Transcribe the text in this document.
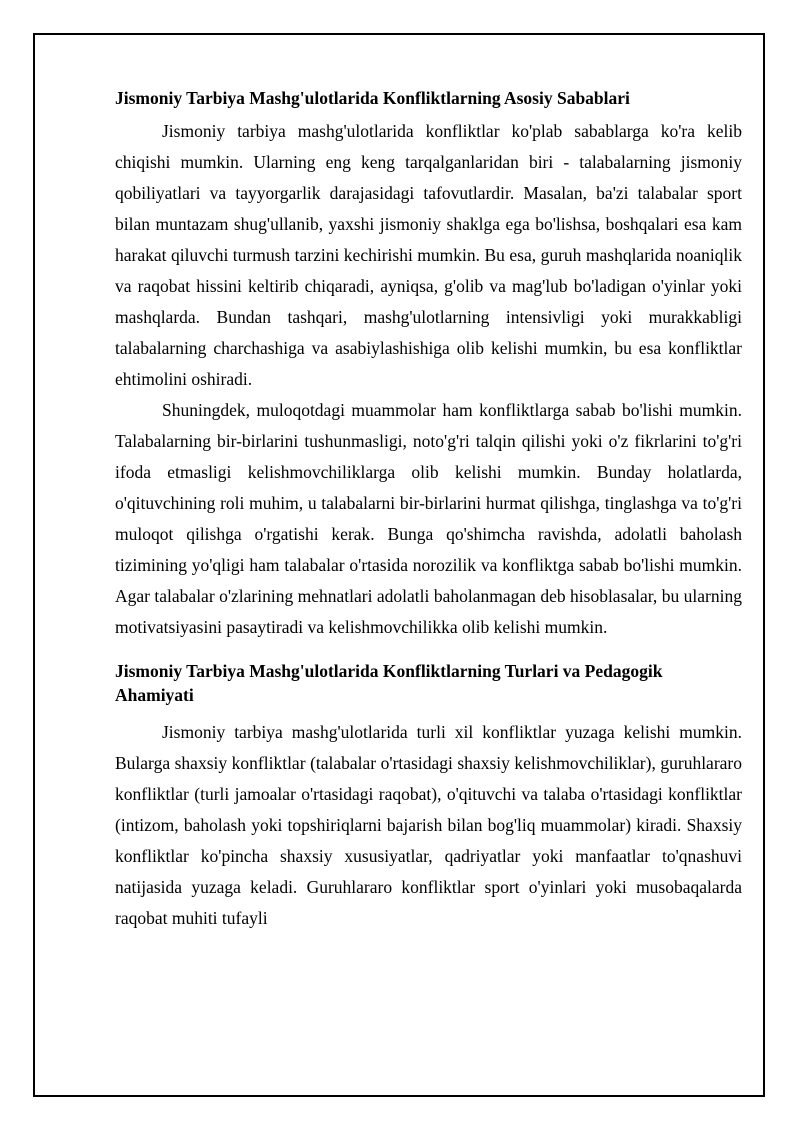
Jismoniy Tarbiya Mashg'ulotlarida Konfliktlarning Asosiy Sabablari

Jismoniy tarbiya mashg'ulotlarida konfliktlar ko'plab sabablarga ko'ra kelib chiqishi mumkin. Ularning eng keng tarqalganlaridan biri - talabalarning jismoniy qobiliyatlari va tayyorgarlik darajasidagi tafovutlardir. Masalan, ba'zi talabalar sport bilan muntazam shug'ullanib, yaxshi jismoniy shaklga ega bo'lishsa, boshqalari esa kam harakat qiluvchi turmush tarzini kechirishi mumkin. Bu esa, guruh mashqlarida noaniqlik va raqobat hissini keltirib chiqaradi, ayniqsa, g'olib va mag'lub bo'ladigan o'yinlar yoki mashqlarda. Bundan tashqari, mashg'ulotlarning intensivligi yoki murakkabligi talabalarning charchashiga va asabiylashishiga olib kelishi mumkin, bu esa konfliktlar ehtimolini oshiradi.

Shuningdek, muloqotdagi muammolar ham konfliktlarga sabab bo'lishi mumkin. Talabalarning bir-birlarini tushunmasligi, noto'g'ri talqin qilishi yoki o'z fikrlarini to'g'ri ifoda etmasligi kelishmovchiliklarga olib kelishi mumkin. Bunday holatlarda, o'qituvchining roli muhim, u talabalarni bir-birlarini hurmat qilishga, tinglashga va to'g'ri muloqot qilishga o'rgatishi kerak. Bunga qo'shimcha ravishda, adolatli baholash tizimining yo'qligi ham talabalar o'rtasida norozilik va konfliktga sabab bo'lishi mumkin. Agar talabalar o'zlarining mehnatlari adolatli baholanmagan deb hisoblasalar, bu ularning motivatsiyasini pasaytiradi va kelishmovchilikka olib kelishi mumkin.

Jismoniy Tarbiya Mashg'ulotlarida Konfliktlarning Turlari va Pedagogik Ahamiyati

Jismoniy tarbiya mashg'ulotlarida turli xil konfliktlar yuzaga kelishi mumkin. Bularga shaxsiy konfliktlar (talabalar o'rtasidagi shaxsiy kelishmovchiliklar), guruhlararo konfliktlar (turli jamoalar o'rtasidagi raqobat), o'qituvchi va talaba o'rtasidagi konfliktlar (intizom, baholash yoki topshiriqlarni bajarish bilan bog'liq muammolar) kiradi. Shaxsiy konfliktlar ko'pincha shaxsiy xususiyatlar, qadriyatlar yoki manfaatlar to'qnashuvi natijasida yuzaga keladi. Guruhlararo konfliktlar sport o'yinlari yoki musobaqalarda raqobat muhiti tufayli
